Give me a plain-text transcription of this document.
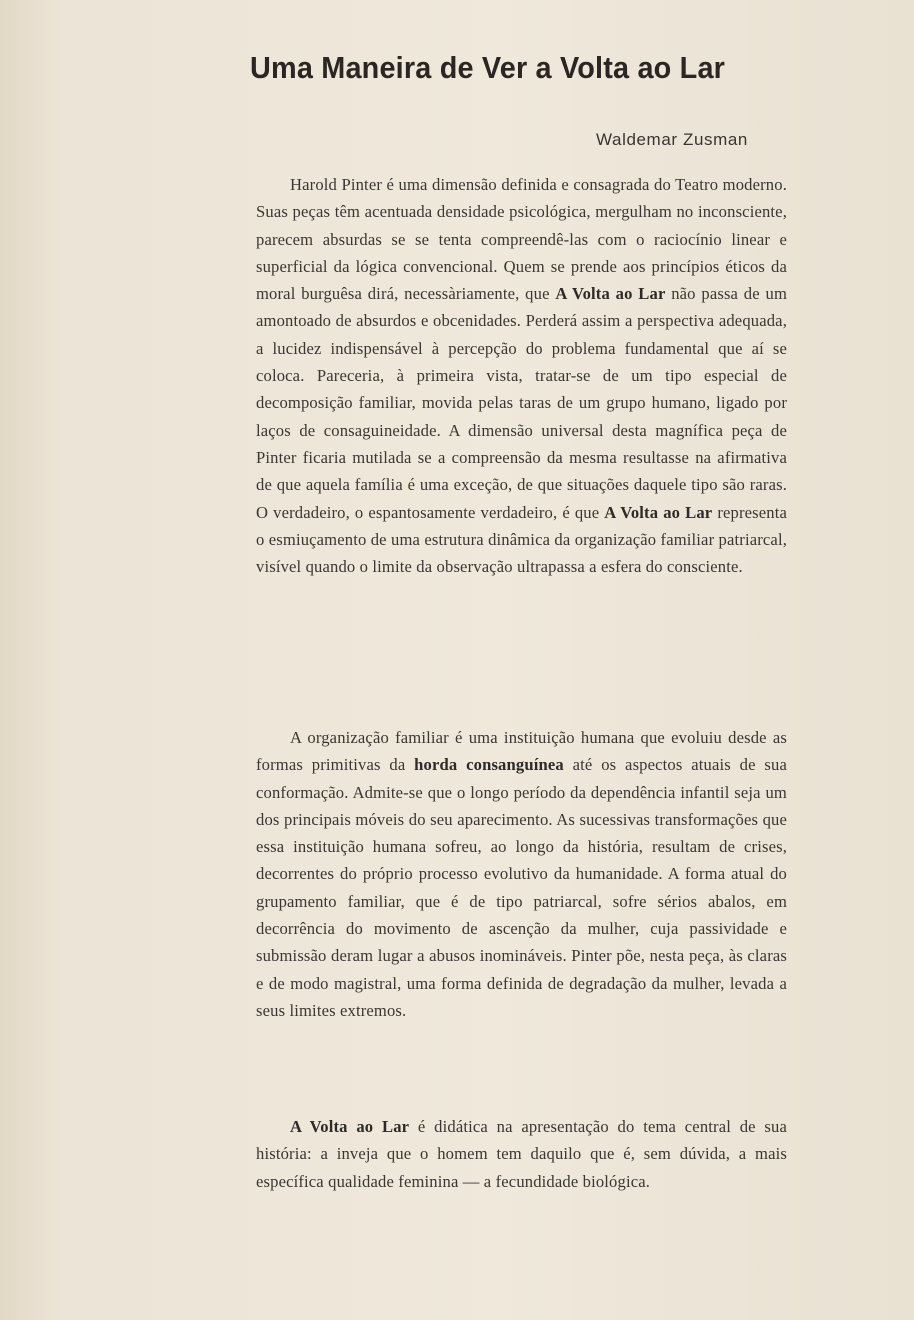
Uma Maneira de Ver a Volta ao Lar
Waldemar Zusman

Harold Pinter é uma dimensão definida e consagrada do Teatro moderno. Suas peças têm acentuada densidade psicológica, mergulham no inconsciente, parecem absurdas se se tenta compreendê-las com o raciocínio linear e superficial da lógica convencional. Quem se prende aos princípios éticos da moral burguêsa dirá, necessàriamente, que A Volta ao Lar não passa de um amontoado de absurdos e obcenidades. Perderá assim a perspectiva adequada, a lucidez indispensável à percepção do problema fundamental que aí se coloca. Pareceria, à primeira vista, tratar-se de um tipo especial de decomposição familiar, movida pelas taras de um grupo humano, ligado por laços de consaguineidade. A dimensão universal desta magnífica peça de Pinter ficaria mutilada se a compreensão da mesma resultasse na afirmativa de que aquela família é uma exceção, de que situações daquele tipo são raras. O verdadeiro, o espantosamente verdadeiro, é que A Volta ao Lar representa o esmiuçamento de uma estrutura dinâmica da organização familiar patriarcal, visível quando o limite da observação ultrapassa a esfera do consciente.

A organização familiar é uma instituição humana que evoluiu desde as formas primitivas da horda consanguínea até os aspectos atuais de sua conformação. Admite-se que o longo período da dependência infantil seja um dos principais móveis do seu aparecimento. As sucessivas transformações que essa instituição humana sofreu, ao longo da história, resultam de crises, decorrentes do próprio processo evolutivo da humanidade. A forma atual do grupamento familiar, que é de tipo patriarcal, sofre sérios abalos, em decorrência do movimento de ascenção da mulher, cuja passividade e submissão deram lugar a abusos inomináveis. Pinter põe, nesta peça, às claras e de modo magistral, uma forma definida de degradação da mulher, levada a seus limites extremos.

A Volta ao Lar é didática na apresentação do tema central de sua história: a inveja que o homem tem daquilo que é, sem dúvida, a mais específica qualidade feminina — a fecundidade biológica.
